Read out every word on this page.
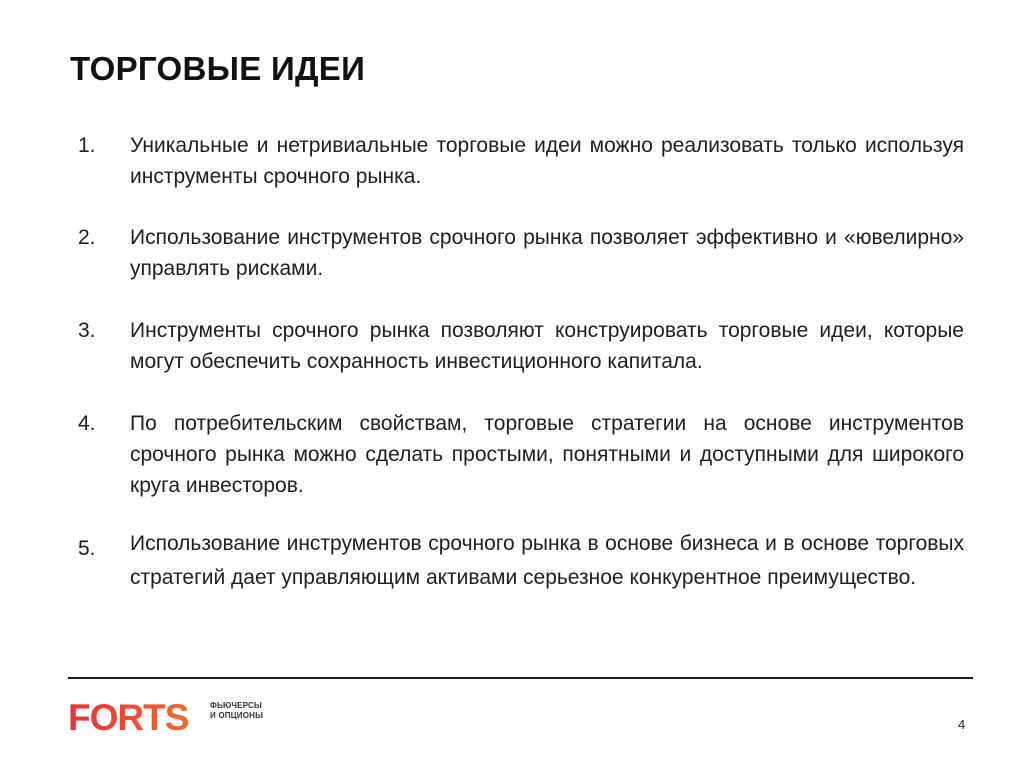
ТОРГОВЫЕ ИДЕИ
1.	Уникальные и нетривиальные торговые идеи можно реализовать только используя инструменты срочного рынка.
2.	Использование инструментов срочного рынка позволяет эффективно и «ювелирно» управлять рисками.
3.	Инструменты срочного рынка позволяют конструировать торговые идеи, которые могут обеспечить сохранность инвестиционного капитала.
4.	По потребительским свойствам, торговые стратегии на основе инструментов срочного рынка можно сделать простыми, понятными и доступными для широкого круга инвесторов.
5.	Использование инструментов срочного рынка в основе бизнеса и в основе торговых стратегий дает управляющим активами серьезное конкурентное преимущество.
FORTS	ФЬЮЧЕРСЫ
И ОПЦИОНЫ
4
